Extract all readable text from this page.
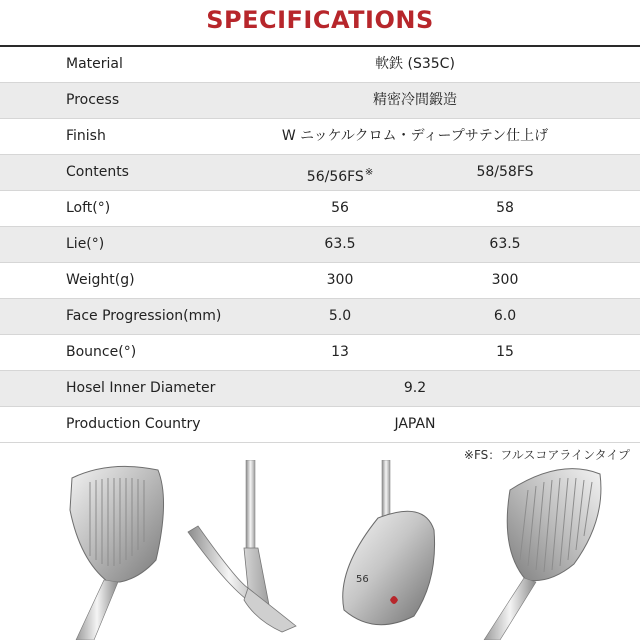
SPECIFICATIONS
Material	軟鉄 (S35C)
Process	精密冷間鍛造
Finish	W ニッケルクロム・ディープサテン仕上げ
Contents	56/56FS※	58/58FS
Loft(°)	56	58
Lie(°)	63.5	63.5
Weight(g)	300	300
Face Progression(mm)	5.0	6.0
Bounce(°)	13	15
Hosel Inner Diameter	9.2
Production Country	JAPAN
※FS：フルスコアラインタイプ
56
